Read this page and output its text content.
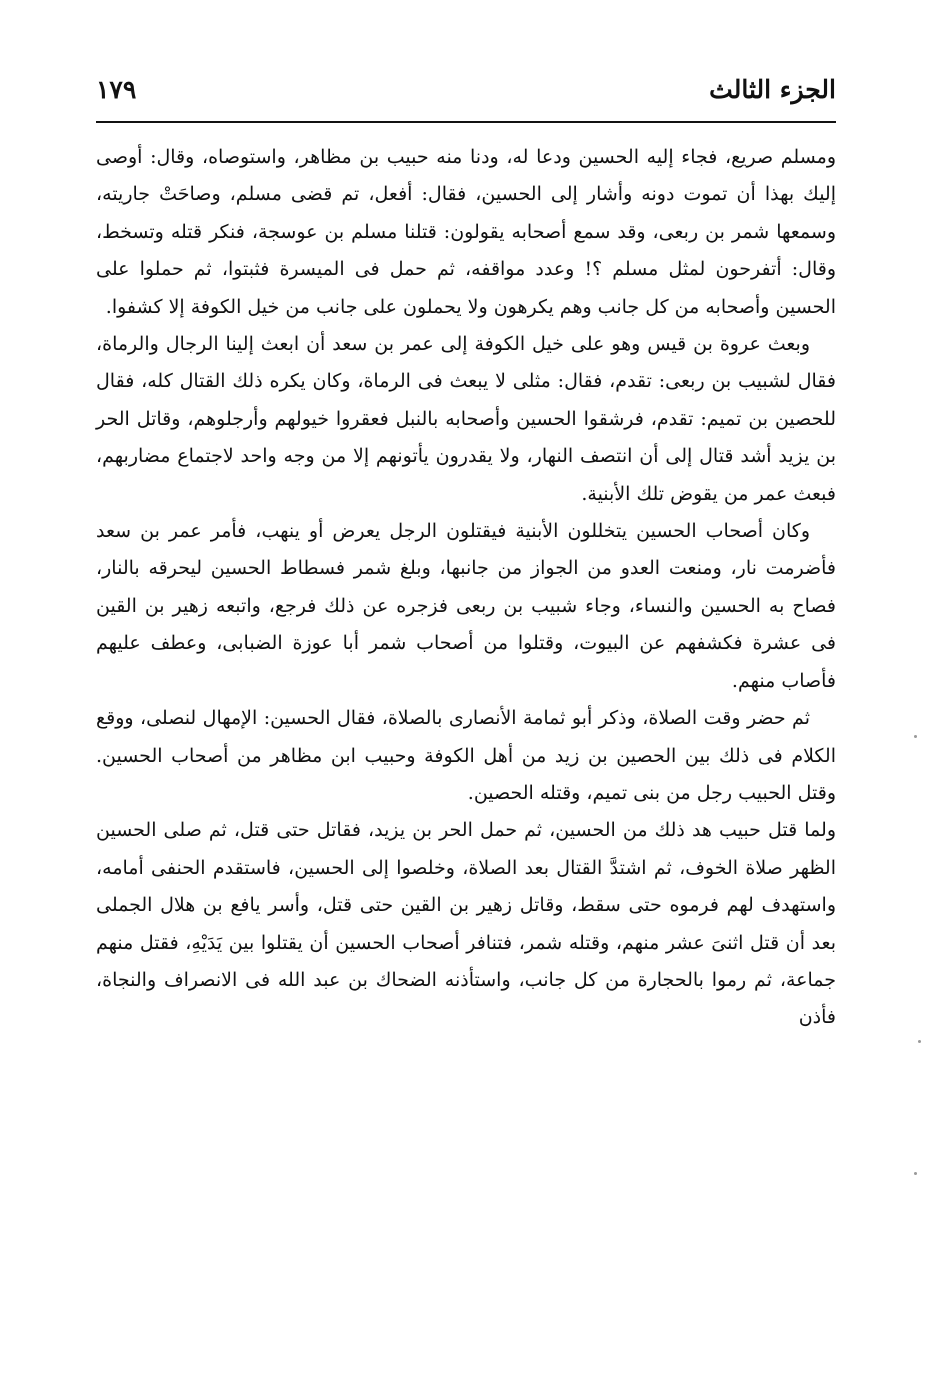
الجزء الثالث
١٧٩

ومسلم صريع، فجاء إليه الحسين ودعا له، ودنا منه حبيب بن مظاهر، واستوصاه، وقال: أوصى إليك بهذا أن تموت دونه وأشار إلى الحسين، فقال: أفعل، تم قضى مسلم، وصاحَتْ جاريته، وسمعها شمر بن ربعى، وقد سمع أصحابه يقولون: قتلنا مسلم بن عوسجة، فنكر قتله وتسخط، وقال: أتفرحون لمثل مسلم ؟! وعدد مواقفه، ثم حمل فى الميسرة فثبتوا، ثم حملوا على الحسين وأصحابه من كل جانب وهم يكرهون ولا يحملون على جانب من خيل الكوفة إلا كشفوا.

وبعث عروة بن قيس وهو على خيل الكوفة إلى عمر بن سعد أن ابعث إلينا الرجال والرماة، فقال لشبيب بن ربعى: تقدم، فقال: مثلى لا يبعث فى الرماة، وكان يكره ذلك القتال كله، فقال للحصين بن تميم: تقدم، فرشقوا الحسين وأصحابه بالنبل فعقروا خيولهم وأرجلوهم، وقاتل الحر بن يزيد أشد قتال إلى أن انتصف النهار، ولا يقدرون يأتونهم إلا من وجه واحد لاجتماع مضاربهم، فبعث عمر من يقوض تلك الأبنية.

وكان أصحاب الحسين يتخللون الأبنية فيقتلون الرجل يعرض أو ينهب، فأمر عمر بن سعد فأضرمت نار، ومنعت العدو من الجواز من جانبها، وبلغ شمر فسطاط الحسين ليحرقه بالنار، فصاح به الحسين والنساء، وجاء شبيب بن ربعى فزجره عن ذلك فرجع، واتبعه زهير بن القين فى عشرة فكشفهم عن البيوت، وقتلوا من أصحاب شمر أبا عوزة الضبابى، وعطف عليهم فأصاب منهم.

ثم حضر وقت الصلاة، وذكر أبو ثمامة الأنصارى بالصلاة، فقال الحسين: الإمهال لنصلى، ووقع الكلام فى ذلك بين الحصين بن زيد من أهل الكوفة وحبيب ابن مظاهر من أصحاب الحسين. وقتل الحبيب رجل من بنى تميم، وقتله الحصين.

ولما قتل حبيب هد ذلك من الحسين، ثم حمل الحر بن يزيد، فقاتل حتى قتل، ثم صلى الحسين الظهر صلاة الخوف، ثم اشتدَّ القتال بعد الصلاة، وخلصوا إلى الحسين، فاستقدم الحنفى أمامه، واستهدف لهم فرموه حتى سقط، وقاتل زهير بن القين حتى قتل، وأسر يافع بن هلال الجملى بعد أن قتل اثنىَ عشر منهم، وقتله شمر، فتنافر أصحاب الحسين أن يقتلوا بين يَدَيْهِ، فقتل منهم جماعة، ثم رموا بالحجارة من كل جانب، واستأذنه الضحاك بن عبد الله فى الانصراف والنجاة، فأذن
